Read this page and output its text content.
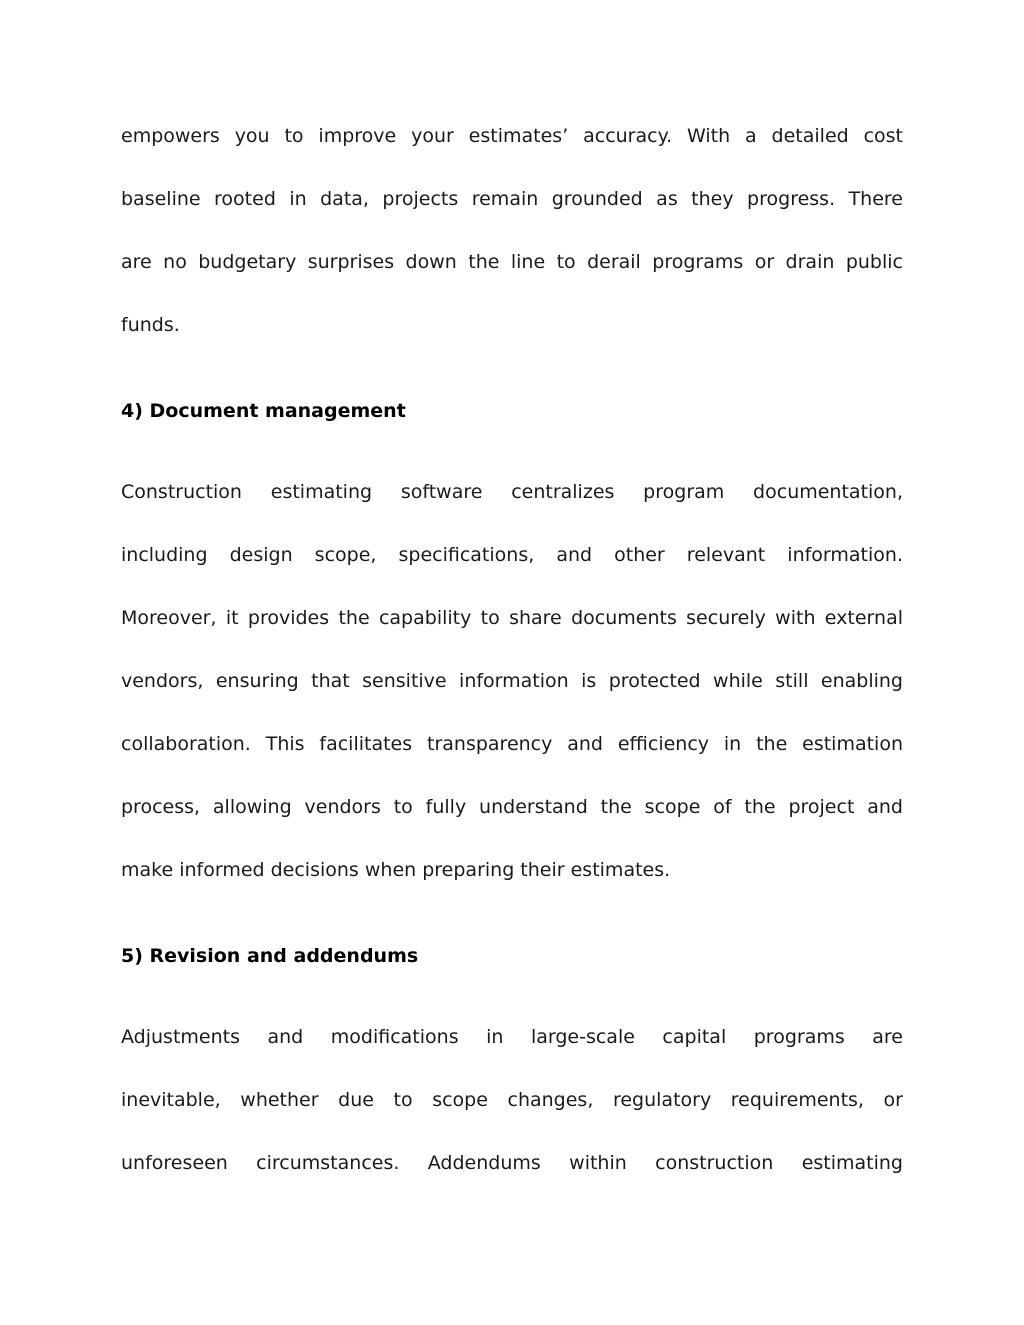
empowers you to improve your estimates’ accuracy. With a detailed cost
baseline rooted in data, projects remain grounded as they progress. There
are no budgetary surprises down the line to derail programs or drain public
funds.
4) Document management
Construction estimating software centralizes program documentation,
including design scope, specifications, and other relevant information.
Moreover, it provides the capability to share documents securely with external
vendors, ensuring that sensitive information is protected while still enabling
collaboration. This facilitates transparency and efficiency in the estimation
process, allowing vendors to fully understand the scope of the project and
make informed decisions when preparing their estimates.
5) Revision and addendums
Adjustments and modifications in large-scale capital programs are
inevitable, whether due to scope changes, regulatory requirements, or
unforeseen circumstances. Addendums within construction estimating
